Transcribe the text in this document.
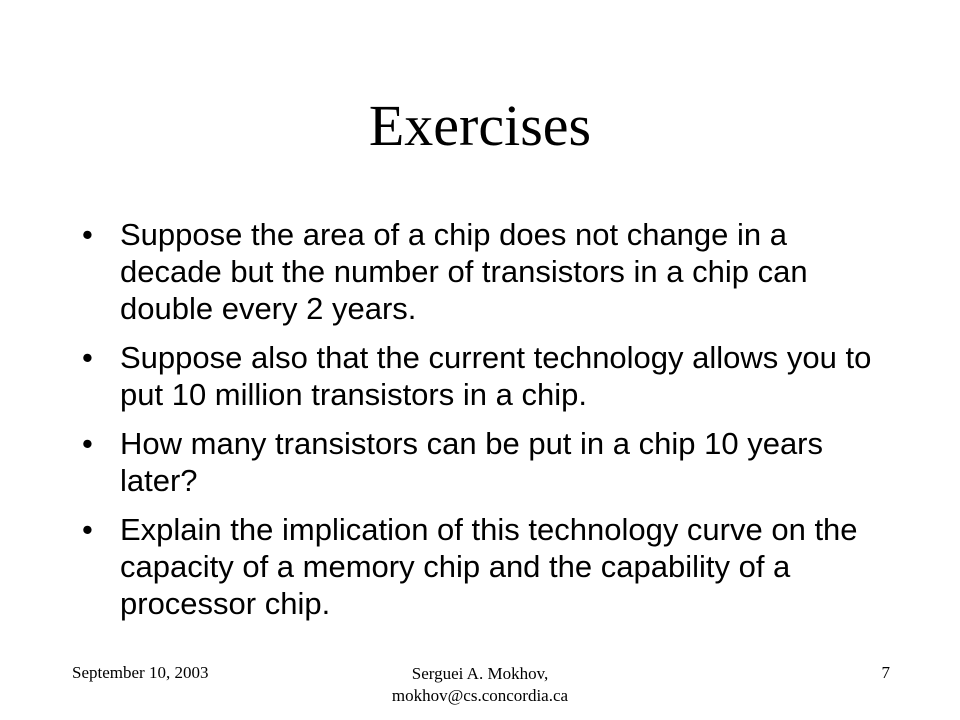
Exercises
• Suppose the area of a chip does not change in a decade but the number of transistors in a chip can double every 2 years.
• Suppose also that the current technology allows you to put 10 million transistors in a chip.
• How many transistors can be put in a chip 10 years later?
• Explain the implication of this technology curve on the capacity of a memory chip and the capability of a processor chip.
September 10, 2003	Serguei A. Mokhov,
mokhov@cs.concordia.ca
7
